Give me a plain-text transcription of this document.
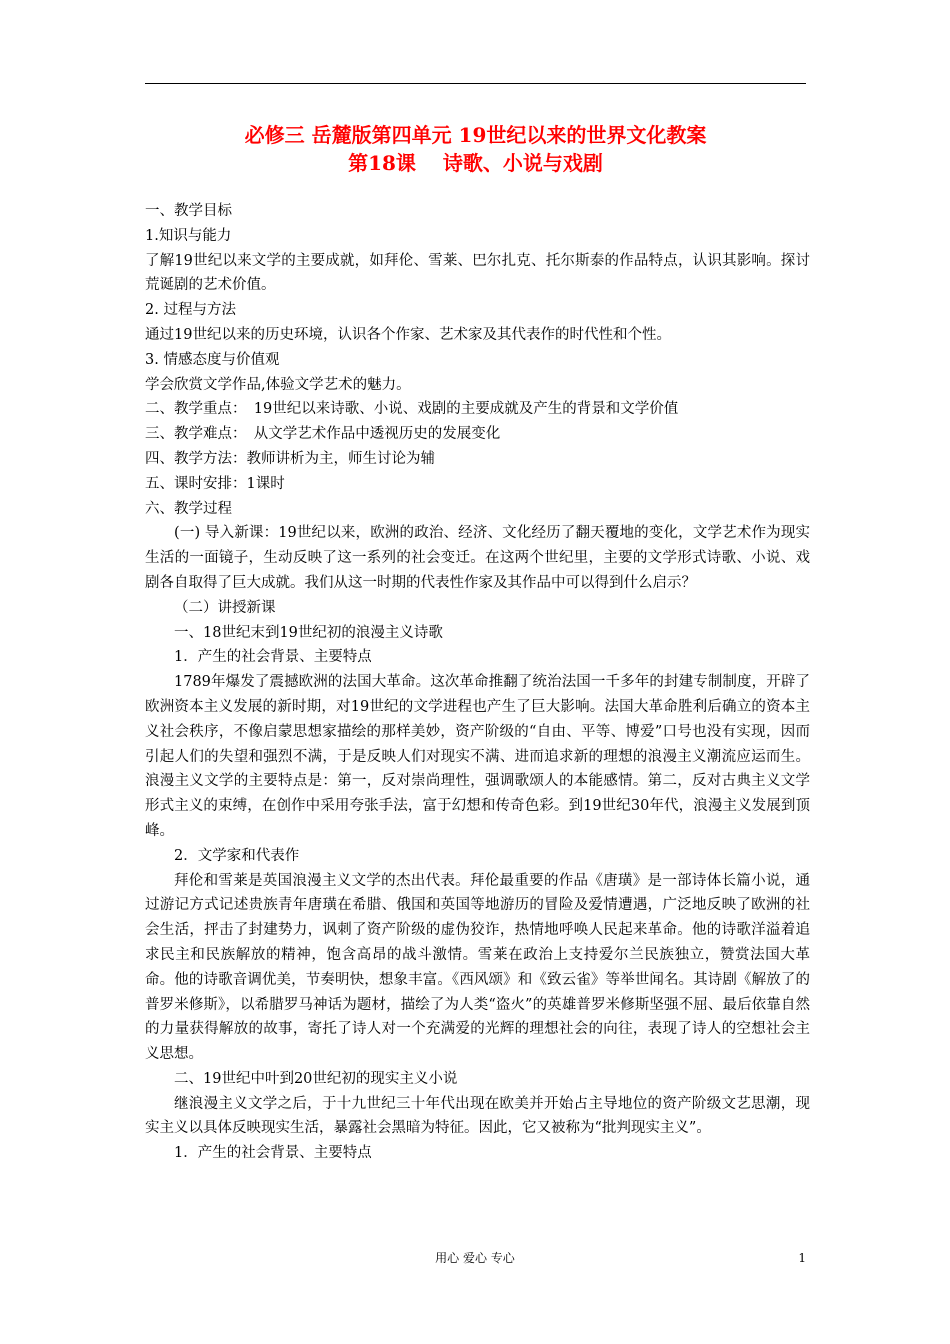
必修三 岳麓版第四单元 19世纪以来的世界文化教案
第18课　 诗歌、小说与戏剧

一、教学目标

1.知识与能力

了解19世纪以来文学的主要成就，如拜伦、雪莱、巴尔扎克、托尔斯泰的作品特点，认识其影响。探讨荒诞剧的艺术价值。

2. 过程与方法

通过19世纪以来的历史环境，认识各个作家、艺术家及其代表作的时代性和个性。

3. 情感态度与价值观

学会欣赏文学作品,体验文学艺术的魅力。

二、教学重点：　19世纪以来诗歌、小说、戏剧的主要成就及产生的背景和文学价值

三、教学难点：　从文学艺术作品中透视历史的发展变化

四、教学方法：教师讲析为主，师生讨论为辅

五、课时安排：1课时

六、教学过程

(一) 导入新课：19世纪以来，欧洲的政治、经济、文化经历了翻天覆地的变化，文学艺术作为现实生活的一面镜子，生动反映了这一系列的社会变迁。在这两个世纪里，主要的文学形式诗歌、小说、戏剧各自取得了巨大成就。我们从这一时期的代表性作家及其作品中可以得到什么启示？

（二）讲授新课

一、18世纪末到19世纪初的浪漫主义诗歌

1．产生的社会背景、主要特点

1789年爆发了震撼欧洲的法国大革命。这次革命推翻了统治法国一千多年的封建专制制度，开辟了欧洲资本主义发展的新时期，对19世纪的文学进程也产生了巨大影响。法国大革命胜利后确立的资本主义社会秩序，不像启蒙思想家描绘的那样美妙，资产阶级的“自由、平等、博爱”口号也没有实现，因而引起人们的失望和强烈不满，于是反映人们对现实不满、进而追求新的理想的浪漫主义潮流应运而生。浪漫主义文学的主要特点是：第一，反对崇尚理性，强调歌颂人的本能感情。第二，反对古典主义文学形式主义的束缚，在创作中采用夸张手法，富于幻想和传奇色彩。到19世纪30年代，浪漫主义发展到顶峰。

2．文学家和代表作

拜伦和雪莱是英国浪漫主义文学的杰出代表。拜伦最重要的作品《唐璜》是一部诗体长篇小说，通过游记方式记述贵族青年唐璜在希腊、俄国和英国等地游历的冒险及爱情遭遇，广泛地反映了欧洲的社会生活，抨击了封建势力，讽刺了资产阶级的虚伪狡诈，热情地呼唤人民起来革命。他的诗歌洋溢着追求民主和民族解放的精神，饱含高昂的战斗激情。雪莱在政治上支持爱尔兰民族独立，赞赏法国大革命。他的诗歌音调优美，节奏明快，想象丰富。《西风颂》和《致云雀》等举世闻名。其诗剧《解放了的普罗米修斯》，以希腊罗马神话为题材，描绘了为人类“盗火”的英雄普罗米修斯坚强不屈、最后依靠自然的力量获得解放的故事，寄托了诗人对一个充满爱的光辉的理想社会的向往，表现了诗人的空想社会主义思想。

二、19世纪中叶到20世纪初的现实主义小说

继浪漫主义文学之后，于十九世纪三十年代出现在欧美并开始占主导地位的资产阶级文艺思潮，现实主义以具体反映现实生活，暴露社会黑暗为特征。因此，它又被称为“批判现实主义”。

1．产生的社会背景、主要特点

用心 爱心 专心	1
